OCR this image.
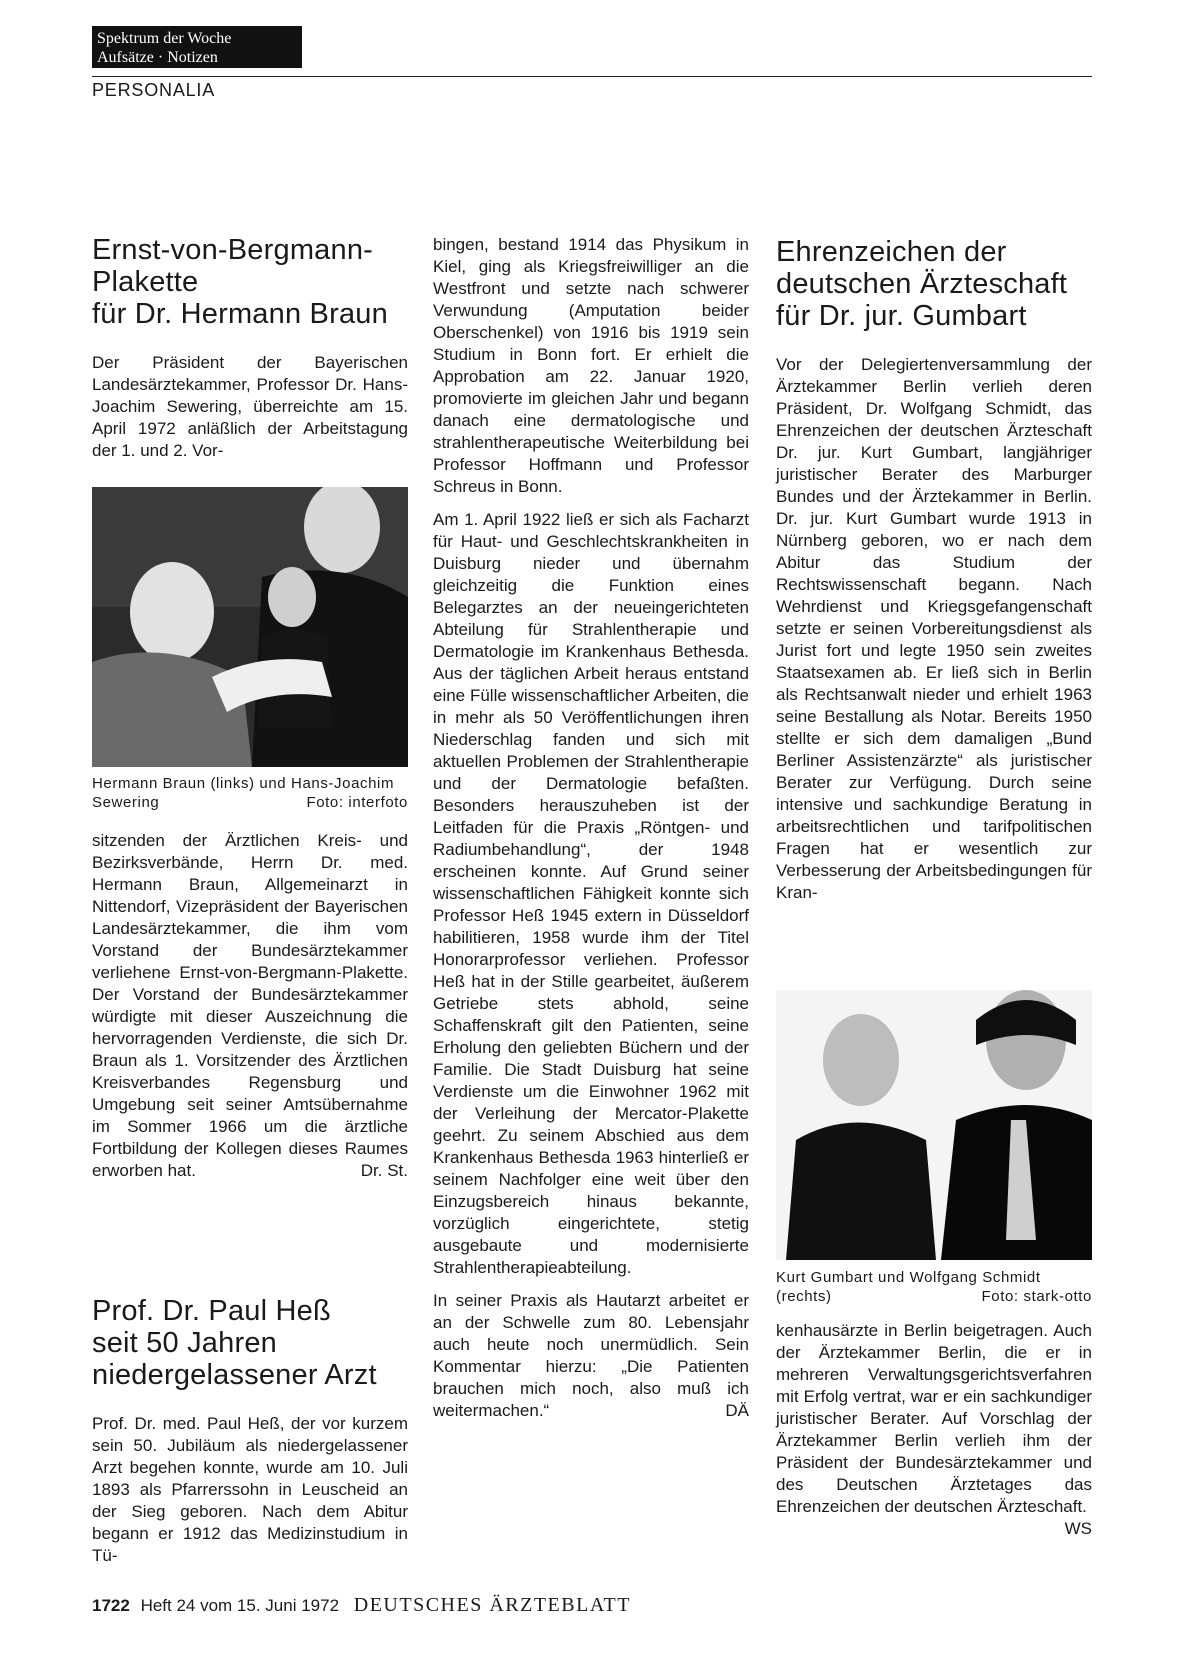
Spektrum der Woche
Aufsätze · Notizen
PERSONALIA
Ernst-von-Bergmann-
Plakette
für Dr. Hermann Braun

Der Präsident der Bayerischen Landesärztekammer, Professor Dr. Hans-Joachim Sewering, überreichte am 15. April 1972 anläßlich der Arbeitstagung der 1. und 2. Vor-

Hermann Braun (links) und Hans-Joachim Sewering	Foto: interfoto

sitzenden der Ärztlichen Kreis- und Bezirksverbände, Herrn Dr. med. Hermann Braun, Allgemeinarzt in Nittendorf, Vizepräsident der Bayerischen Landesärztekammer, die ihm vom Vorstand der Bundesärztekammer verliehene Ernst-von-Bergmann-Plakette. Der Vorstand der Bundesärztekammer würdigte mit dieser Auszeichnung die hervorragenden Verdienste, die sich Dr. Braun als 1. Vorsitzender des Ärztlichen Kreisverbandes Regensburg und Umgebung seit seiner Amtsübernahme im Sommer 1966 um die ärztliche Fortbildung der Kollegen dieses Raumes erworben hat.	Dr. St.

Prof. Dr. Paul Heß
seit 50 Jahren
niedergelassener Arzt

Prof. Dr. med. Paul Heß, der vor kurzem sein 50. Jubiläum als niedergelassener Arzt begehen konnte, wurde am 10. Juli 1893 als Pfarrerssohn in Leuscheid an der Sieg geboren. Nach dem Abitur begann er 1912 das Medizinstudium in Tü-

bingen, bestand 1914 das Physikum in Kiel, ging als Kriegsfreiwilliger an die Westfront und setzte nach schwerer Verwundung (Amputation beider Oberschenkel) von 1916 bis 1919 sein Studium in Bonn fort. Er erhielt die Approbation am 22. Januar 1920, promovierte im gleichen Jahr und begann danach eine dermatologische und strahlentherapeutische Weiterbildung bei Professor Hoffmann und Professor Schreus in Bonn.

Am 1. April 1922 ließ er sich als Facharzt für Haut- und Geschlechtskrankheiten in Duisburg nieder und übernahm gleichzeitig die Funktion eines Belegarztes an der neueingerichteten Abteilung für Strahlentherapie und Dermatologie im Krankenhaus Bethesda. Aus der täglichen Arbeit heraus entstand eine Fülle wissenschaftlicher Arbeiten, die in mehr als 50 Veröffentlichungen ihren Niederschlag fanden und sich mit aktuellen Problemen der Strahlentherapie und der Dermatologie befaßten. Besonders herauszuheben ist der Leitfaden für die Praxis „Röntgen- und Radiumbehandlung“, der 1948 erscheinen konnte. Auf Grund seiner wissenschaftlichen Fähigkeit konnte sich Professor Heß 1945 extern in Düsseldorf habilitieren, 1958 wurde ihm der Titel Honorarprofessor verliehen. Professor Heß hat in der Stille gearbeitet, äußerem Getriebe stets abhold, seine Schaffenskraft gilt den Patienten, seine Erholung den geliebten Büchern und der Familie. Die Stadt Duisburg hat seine Verdienste um die Einwohner 1962 mit der Verleihung der Mercator-Plakette geehrt. Zu seinem Abschied aus dem Krankenhaus Bethesda 1963 hinterließ er seinem Nachfolger eine weit über den Einzugsbereich hinaus bekannte, vorzüglich eingerichtete, stetig ausgebaute und modernisierte Strahlentherapieabteilung.

In seiner Praxis als Hautarzt arbeitet er an der Schwelle zum 80. Lebensjahr auch heute noch unermüdlich. Sein Kommentar hierzu: „Die Patienten brauchen mich noch, also muß ich weitermachen.“	DÄ

Ehrenzeichen der
deutschen Ärzteschaft
für Dr. jur. Gumbart

Vor der Delegiertenversammlung der Ärztekammer Berlin verlieh deren Präsident, Dr. Wolfgang Schmidt, das Ehrenzeichen der deutschen Ärzteschaft Dr. jur. Kurt Gumbart, langjähriger juristischer Berater des Marburger Bundes und der Ärztekammer in Berlin. Dr. jur. Kurt Gumbart wurde 1913 in Nürnberg geboren, wo er nach dem Abitur das Studium der Rechtswissenschaft begann. Nach Wehrdienst und Kriegsgefangenschaft setzte er seinen Vorbereitungsdienst als Jurist fort und legte 1950 sein zweites Staatsexamen ab. Er ließ sich in Berlin als Rechtsanwalt nieder und erhielt 1963 seine Bestallung als Notar. Bereits 1950 stellte er sich dem damaligen „Bund Berliner Assistenzärzte“ als juristischer Berater zur Verfügung. Durch seine intensive und sachkundige Beratung in arbeitsrechtlichen und tarifpolitischen Fragen hat er wesentlich zur Verbesserung der Arbeitsbedingungen für Kran-

Kurt Gumbart und Wolfgang Schmidt (rechts)	Foto: stark-otto

kenhausärzte in Berlin beigetragen. Auch der Ärztekammer Berlin, die er in mehreren Verwaltungsgerichtsverfahren mit Erfolg vertrat, war er ein sachkundiger juristischer Berater. Auf Vorschlag der Ärztekammer Berlin verlieh ihm der Präsident der Bundesärztekammer und des Deutschen Ärztetages das Ehrenzeichen der deutschen Ärzteschaft.
WS

1722 Heft 24 vom 15. Juni 1972 DEUTSCHES ÄRZTEBLATT
